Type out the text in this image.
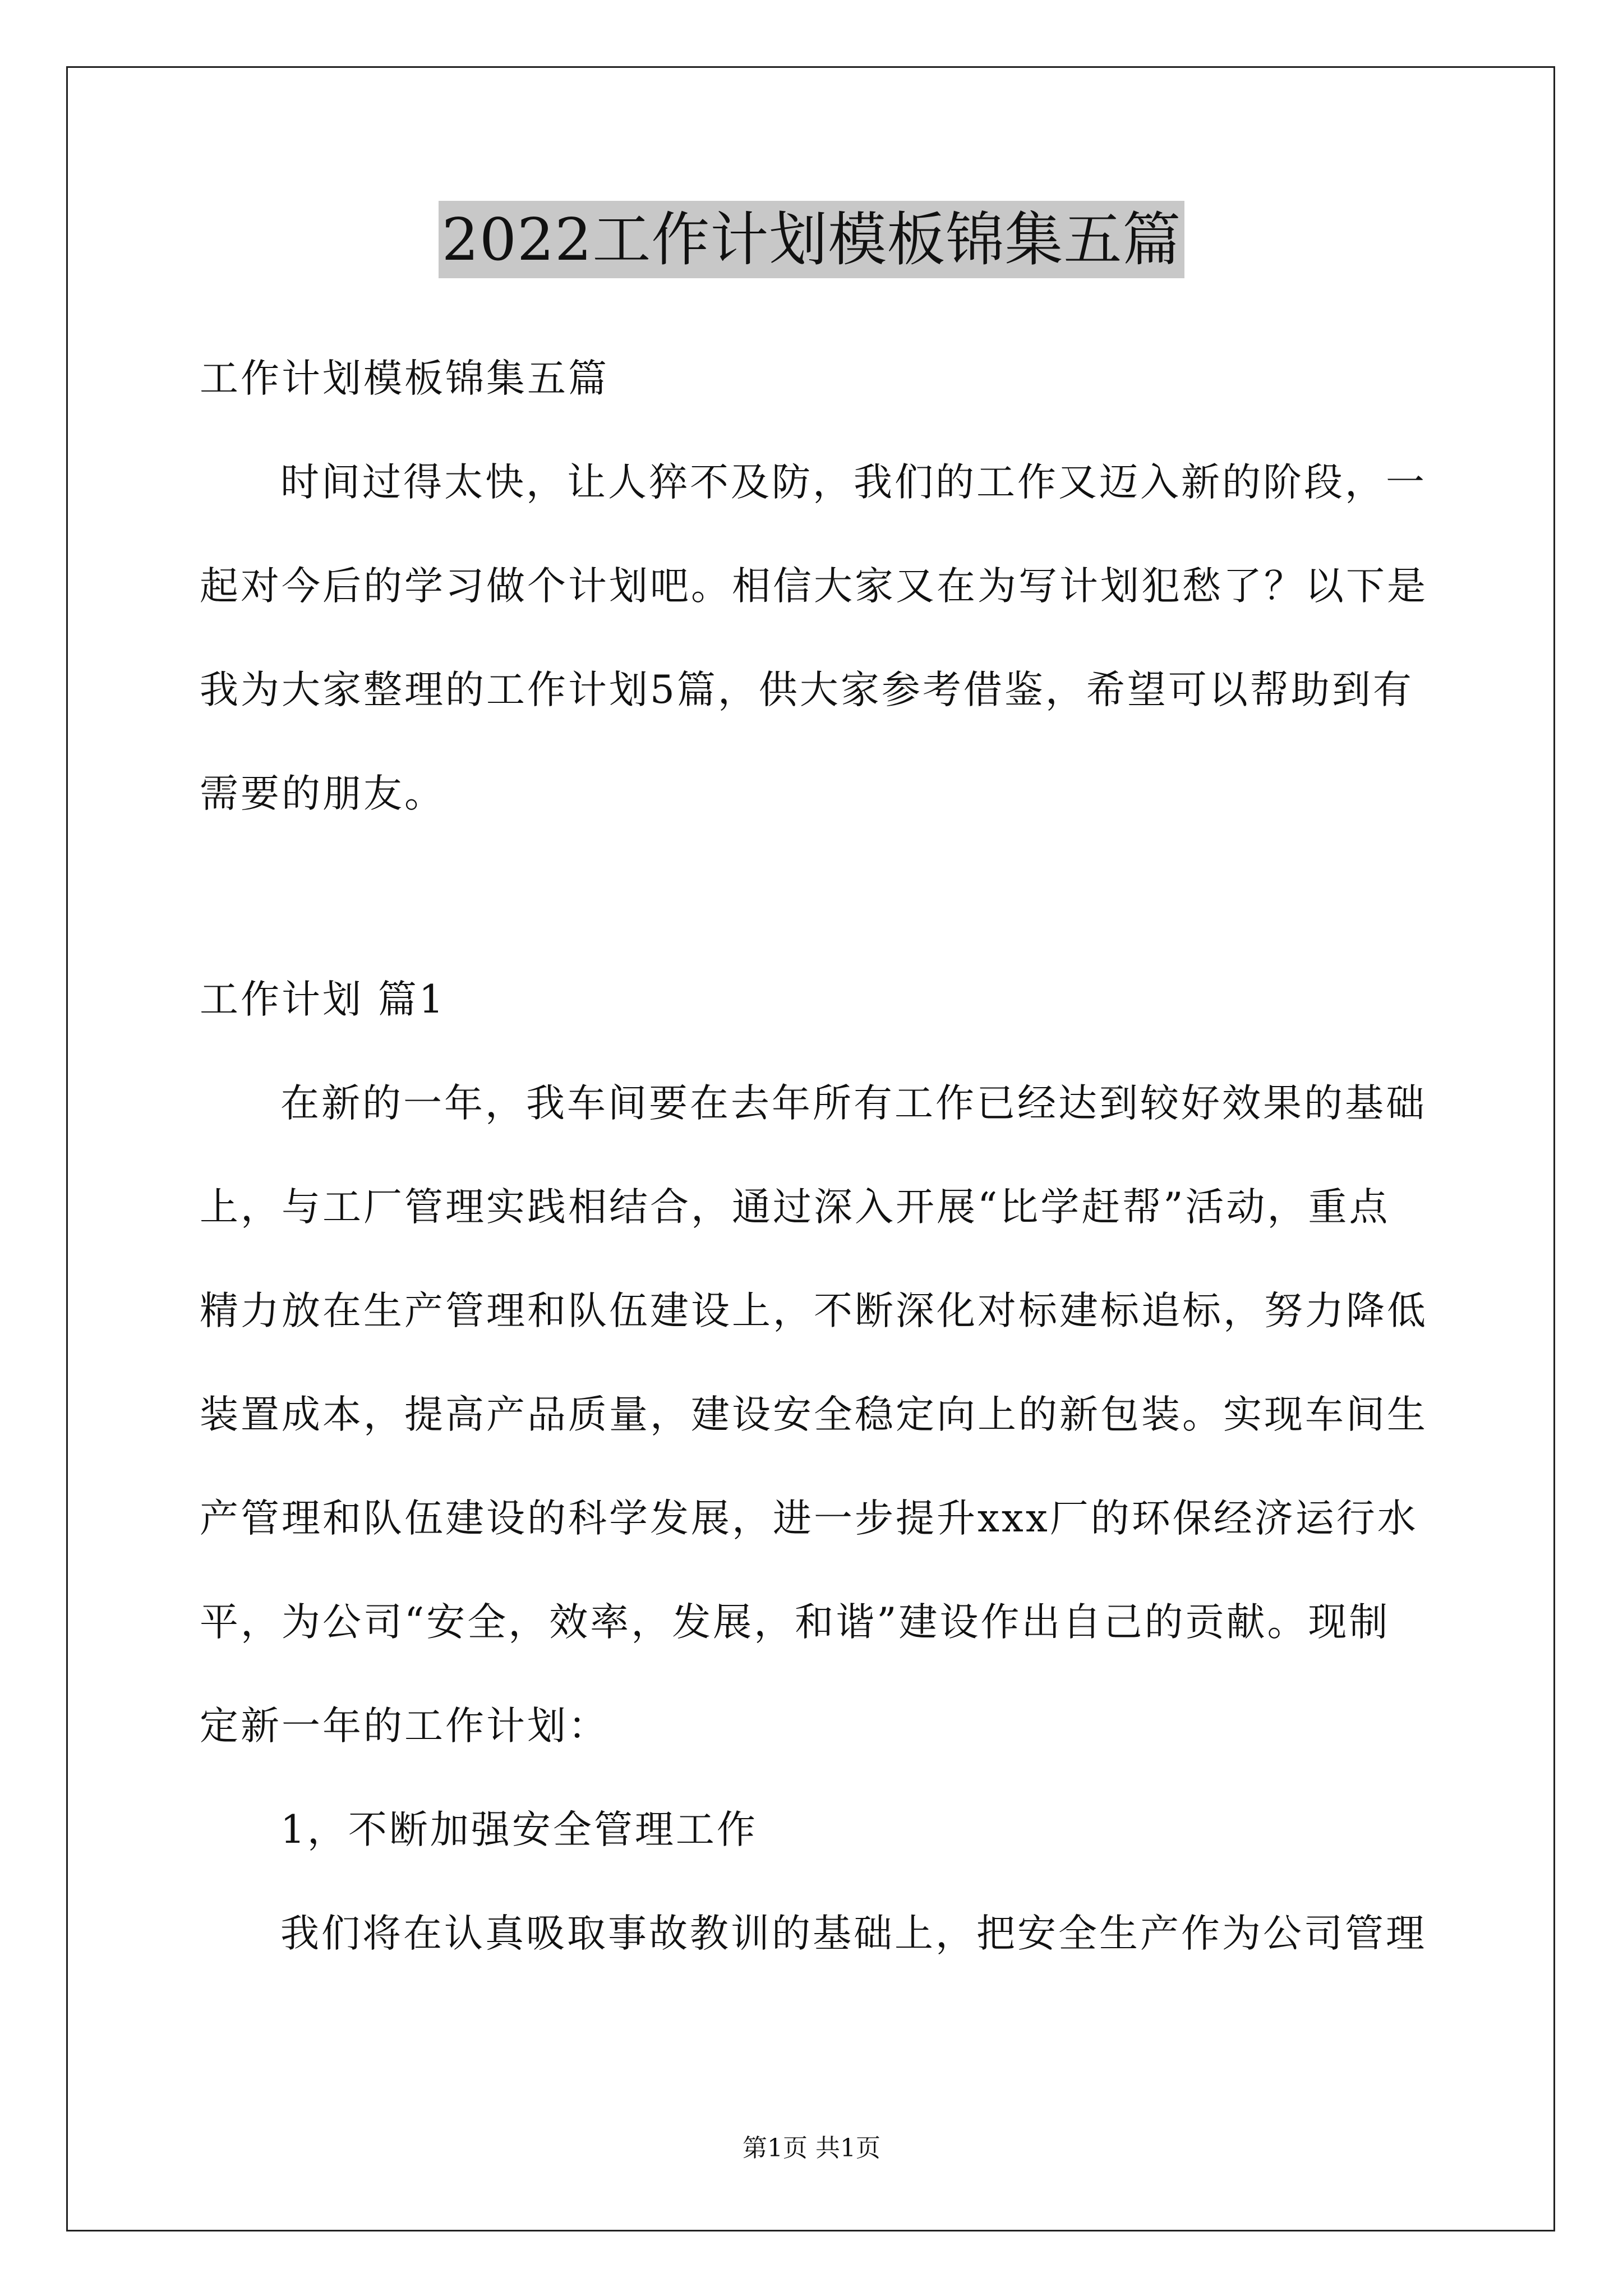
2022工作计划模板锦集五篇
工作计划模板锦集五篇
时间过得太快，让人猝不及防，我们的工作又迈入新的阶段，一
起对今后的学习做个计划吧。相信大家又在为写计划犯愁了？以下是
我为大家整理的工作计划5篇，供大家参考借鉴，希望可以帮助到有
需要的朋友。
工作计划 篇1
在新的一年，我车间要在去年所有工作已经达到较好效果的基础
上，与工厂管理实践相结合，通过深入开展“比学赶帮”活动，重点
精力放在生产管理和队伍建设上，不断深化对标建标追标，努力降低
装置成本，提高产品质量，建设安全稳定向上的新包装。实现车间生
产管理和队伍建设的科学发展，进一步提升xxx厂的环保经济运行水
平，为公司“安全，效率，发展，和谐”建设作出自己的贡献。现制
定新一年的工作计划：
1，不断加强安全管理工作
我们将在认真吸取事故教训的基础上，把安全生产作为公司管理
第1页 共1页
